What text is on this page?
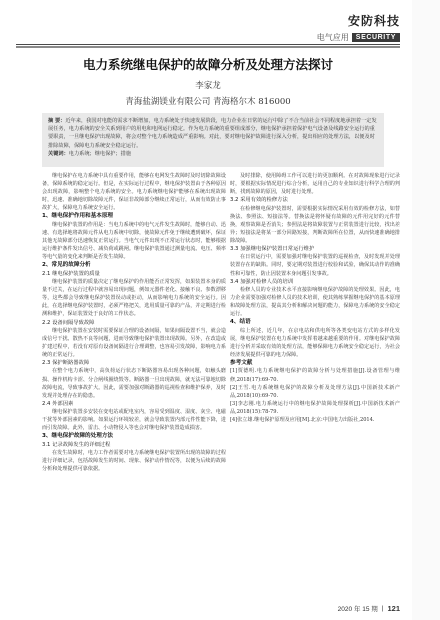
安防科技
电气应用	SECURITY
电力系统继电保护的故障分析及处理方法探讨
李家龙
青海盐湖镁业有限公司 青海格尔木 816000
摘 要：近年来，我国对电能的需求不断增加，电力系统处于快速发展阶段，电力企业在日常的运行中除了不合当前社会不同程度地承担着一定发展任务，电力系统的安全关系到用户的用电和电网运行稳定。作为电力系统的重要组成部分，继电保护承担着保护电气设备及线路安全运行的重要职责，一旦继电保护出现故障，将会对整个电力系统造成严重影响。对此，要对继电保护故障进行深入分析，提出相应的处理方法，以便及时排除故障，保障电力系统安全稳定运行。
关键词：电力系统；继电保护；措施

继电保护在电力系统中具有重要作用，能够在电网发生故障时及时切除故障设备，保障系统的稳定运行。但是，在实际运行过程中，继电保护装置由于各种原因会出现故障，影响整个电力系统的安全。电力系统继电保护能够在系统出现故障时，迅速、准确地切除故障元件，保证非故障部分继续正常运行，从而有效防止事故扩大，保障电力系统安全运行。

1、继电保护作用和基本原理

继电保护装置的作用是：当电力系统中的电气元件发生故障时，能够自动、迅速、有选择地将故障元件从电力系统中切除，使故障元件免于继续遭到破坏，保证其他无故障部分迅速恢复正常运行。当电气元件出现不正常运行状态时，能够根据运行维护条件发出信号、减负荷或跳闸。继电保护装置通过测量电流、电压、频率等电气量的变化来判断是否发生故障。

2、常见的故障分析
2.1 继电保护装置的质量

继电保护装置的质量决定了继电保护的作用能否正常发挥，如果装置本身的质量不过关，在运行过程中就容易出现问题，例如元器件老化、接触不良、参数漂移等，这些都会导致继电保护装置误动或拒动，从而影响电力系统的安全运行。因此，在选择继电保护装置时，必须严格把关，选用质量可靠的产品，并定期进行检测和维护，保证装置处于良好的工作状态。

2.2 设备间隔导致故障

继电保护装置在安装时需要保证合理的设备间隔，如果间隔设置不当，就会造成信号干扰、散热不良等问题，进而导致继电保护装置出现故障。另外，在改造或扩建过程中，若没有对原有设备间隔进行合理调整，也容易引发故障，影响电力系统的正常运行。

2.3 保护断路器故障

在整个电力系统中，高负荷运行状态下断路器容易出现各种问题，如触头磨损、操作机构卡涩、分合闸线圈烧毁等。断路器一旦出现故障，就无法可靠地切除故障电流，导致事故扩大。因此，需要加强对断路器的巡视检查和维护保养，及时发现并处理存在的隐患。

2.4 外部因素

继电保护装置多安装在变电站或配电室内，容易受到温度、湿度、灰尘、电磁干扰等外部因素的影响。如果运行环境较差，就会导致装置内部元件性能下降，进而引发故障。此外，雷击、小动物侵入等也会对继电保护装置造成损害。

3、继电保护故障的处理方法
3.1 记录故障发生的详细过程

在发生故障时，电力工作者需要对电力系统继电保护装置所出现的故障的过程进行详细记录，包括故障发生的时间、现象、保护动作情况等，以便为后续的故障分析和处理提供可靠依据。

及时排除，使用障碍工作可以进行的更加顺利。在对故障现象进行记录时，要根据实际情况进行综合分析，运用自己的专业知识进行科学合理的判断，找到故障的原因，及时进行处理。

3.2 采用有效的检修方法

在检修继电保护装置时，需要根据实际情况采用有效的检修方法，如替换法、参照法、短接法等。替换法是将怀疑有故障的元件用完好的元件替换，观察故障是否消失；参照法是将故障装置与正常装置进行比较，找出差异；短接法是将某一部分回路短接，判断故障所在位置，从而快速准确地排除故障。

3.3 加强继电保护装置日常运行维护

在日常运行中，需要加强对继电保护装置的巡视检查，及时发现并处理装置存在的缺陷。同时，要定期对装置进行校验和试验，确保其动作的准确性和可靠性，防止因装置本身问题引发事故。

3.4 加强对检修人员的培训

检修人员的专业技术水平直接影响继电保护故障的处理效果。因此，电力企业需要加强对检修人员的技术培训，使其熟练掌握继电保护的基本原理和故障处理方法，提高其分析和解决问题的能力，保障电力系统的安全稳定运行。

4、结语

综上所述，近几年，在京电站和供电所等各类变电站方式的多样化发展，继电保护装置在电力系统中发挥着越来越重要的作用。对继电保护故障进行分析并采取有效的处理方法，能够保障电力系统安全稳定运行，为社会经济发展提供可靠的电力保障。

参考文献

[1]贾德明.电力系统继电保护的故障分析与处理措施[J].设备管理与维修,2018(17):69-70.

[2]王雪.电力系统继电保护的故障分析及处理方法[J].中国新技术新产品,2018(10):69-70.

[3]李志刚.电力系统运行中的继电保护故障处理探析[J].中国新技术新产品,2018(15):78-79.

[4]张立雄.继电保护原理及应用[M].北京:中国电力出版社,2014.

2020 年 15 期 | 121
